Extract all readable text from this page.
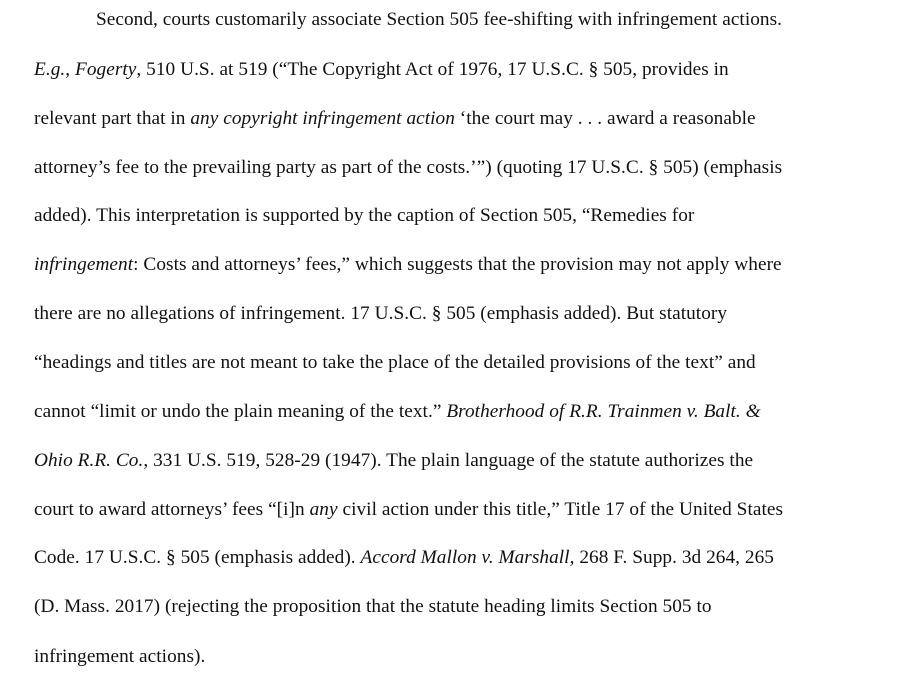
Second, courts customarily associate Section 505 fee-shifting with infringement actions.
E.g., Fogerty, 510 U.S. at 519 (“The Copyright Act of 1976, 17 U.S.C. § 505, provides in
relevant part that in any copyright infringement action ‘the court may . . . award a reasonable
attorney’s fee to the prevailing party as part of the costs.’”) (quoting 17 U.S.C. § 505) (emphasis
added). This interpretation is supported by the caption of Section 505, “Remedies for
infringement: Costs and attorneys’ fees,” which suggests that the provision may not apply where
there are no allegations of infringement. 17 U.S.C. § 505 (emphasis added). But statutory
“headings and titles are not meant to take the place of the detailed provisions of the text” and
cannot “limit or undo the plain meaning of the text.” Brotherhood of R.R. Trainmen v. Balt. &
Ohio R.R. Co., 331 U.S. 519, 528-29 (1947). The plain language of the statute authorizes the
court to award attorneys’ fees “[i]n any civil action under this title,” Title 17 of the United States
Code. 17 U.S.C. § 505 (emphasis added). Accord Mallon v. Marshall, 268 F. Supp. 3d 264, 265
(D. Mass. 2017) (rejecting the proposition that the statute heading limits Section 505 to
infringement actions).
